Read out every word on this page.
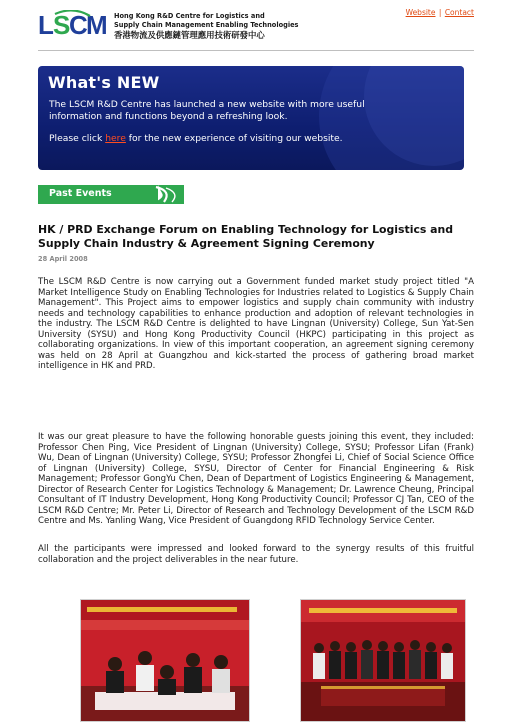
L S C M Hong Kong R&D Centre for Logistics and
Supply Chain Management Enabling Technologies
香港物流及供應鏈管理應用技術研發中心
Website | Contact
What's NEW
The LSCM R&D Centre has launched a new website with more useful information and functions beyond a refreshing look.
Please click here for the new experience of visiting our website.
Past Events
HK / PRD Exchange Forum on Enabling Technology for Logistics and Supply Chain Industry & Agreement Signing Ceremony
28 April 2008
The LSCM R&D Centre is now carrying out a Government funded market study project titled "A Market Intelligence Study on Enabling Technologies for Industries related to Logistics & Supply Chain Management". This Project aims to empower logistics and supply chain community with industry needs and technology capabilities to enhance production and adoption of relevant technologies in the industry. The LSCM R&D Centre is delighted to have Lingnan (University) College, Sun Yat-Sen University (SYSU) and Hong Kong Productivity Council (HKPC) participating in this project as collaborating organizations. In view of this important cooperation, an agreement signing ceremony was held on 28 April at Guangzhou and kick-started the process of gathering broad market intelligence in HK and PRD.
It was our great pleasure to have the following honorable guests joining this event, they included: Professor Chen Ping, Vice President of Lingnan (University) College, SYSU; Professor Lifan (Frank) Wu, Dean of Lingnan (University) College, SYSU; Professor Zhongfei Li, Chief of Social Science Office of Lingnan (University) College, SYSU, Director of Center for Financial Engineering & Risk Management; Professor GongYu Chen, Dean of Department of Logistics Engineering & Management, Director of Research Center for Logistics Technology & Management; Dr. Lawrence Cheung, Principal Consultant of IT Industry Development, Hong Kong Productivity Council; Professor CJ Tan, CEO of the LSCM R&D Centre; Mr. Peter Li, Director of Research and Technology Development of the LSCM R&D Centre and Ms. Yanling Wang, Vice President of Guangdong RFID Technology Service Center.
All the participants were impressed and looked forward to the synergy results of this fruitful collaboration and the project deliverables in the near future.
